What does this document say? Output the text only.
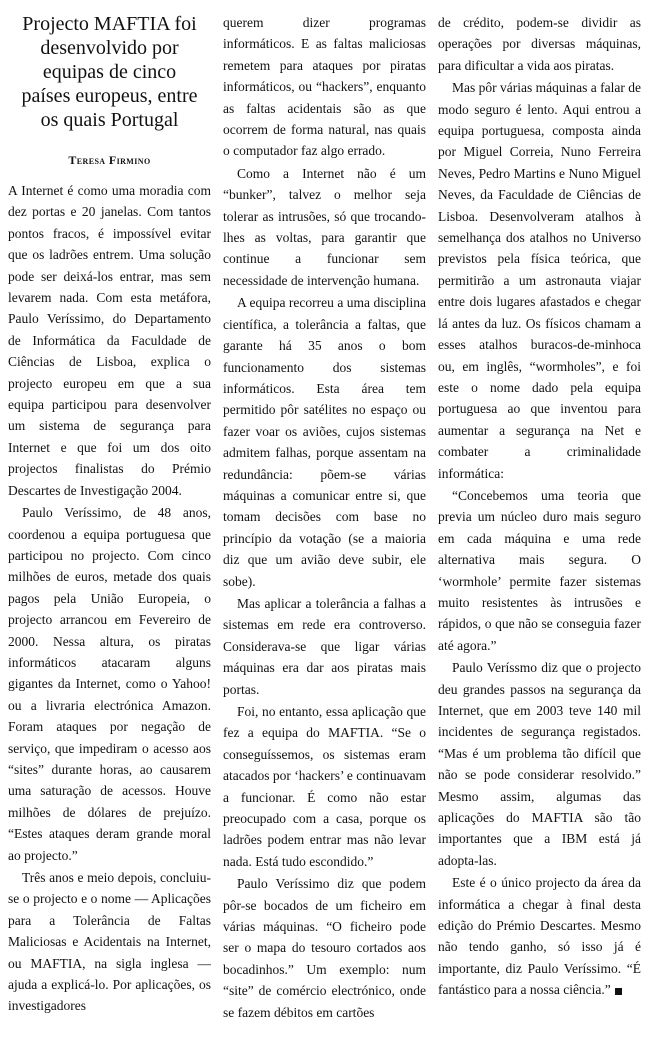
Projecto MAFTIA foi desenvolvido por equipas de cinco países europeus, entre os quais Portugal
Teresa Firmino

A Internet é como uma moradia com dez portas e 20 janelas. Com tantos pontos fracos, é impossível evitar que os ladrões entrem. Uma solução pode ser deixá-los entrar, mas sem levarem nada. Com esta metáfora, Paulo Veríssimo, do Departamento de Informática da Faculdade de Ciências de Lisboa, explica o projecto europeu em que a sua equipa participou para desenvolver um sistema de segurança para Internet e que foi um dos oito projectos finalistas do Prémio Descartes de Investigação 2004.

Paulo Veríssimo, de 48 anos, coordenou a equipa portuguesa que participou no projecto. Com cinco milhões de euros, metade dos quais pagos pela União Europeia, o projecto arrancou em Fevereiro de 2000. Nessa altura, os piratas informáticos atacaram alguns gigantes da Internet, como o Yahoo! ou a livraria electrónica Amazon. Foram ataques por negação de serviço, que impediram o acesso aos “sites” durante horas, ao causarem uma saturação de acessos. Houve milhões de dólares de prejuízo. “Estes ataques deram grande moral ao projecto.”

Três anos e meio depois, concluiu-se o projecto e o nome — Aplicações para a Tolerância de Faltas Maliciosas e Acidentais na Internet, ou MAFTIA, na sigla inglesa — ajuda a explicá-lo. Por aplicações, os investigadores

querem dizer programas informáticos. E as faltas maliciosas remetem para ataques por piratas informáticos, ou “hackers”, enquanto as faltas acidentais são as que ocorrem de forma natural, nas quais o computador faz algo errado.

Como a Internet não é um “bunker”, talvez o melhor seja tolerar as intrusões, só que trocando-lhes as voltas, para garantir que continue a funcionar sem necessidade de intervenção humana.

A equipa recorreu a uma disciplina científica, a tolerância a faltas, que garante há 35 anos o bom funcionamento dos sistemas informáticos. Esta área tem permitido pôr satélites no espaço ou fazer voar os aviões, cujos sistemas admitem falhas, porque assentam na redundância: põem-se várias máquinas a comunicar entre si, que tomam decisões com base no princípio da votação (se a maioria diz que um avião deve subir, ele sobe).

Mas aplicar a tolerância a falhas a sistemas em rede era controverso. Considerava-se que ligar várias máquinas era dar aos piratas mais portas.

Foi, no entanto, essa aplicação que fez a equipa do MAFTIA. “Se o conseguíssemos, os sistemas eram atacados por ‘hackers’ e continuavam a funcionar. É como não estar preocupado com a casa, porque os ladrões podem entrar mas não levar nada. Está tudo escondido.”

Paulo Veríssimo diz que podem pôr-se bocados de um ficheiro em várias máquinas. “O ficheiro pode ser o mapa do tesouro cortados aos bocadinhos.” Um exemplo: num “site” de comércio electrónico, onde se fazem débitos em cartões

de crédito, podem-se dividir as operações por diversas máquinas, para dificultar a vida aos piratas.

Mas pôr várias máquinas a falar de modo seguro é lento. Aqui entrou a equipa portuguesa, composta ainda por Miguel Correia, Nuno Ferreira Neves, Pedro Martins e Nuno Miguel Neves, da Faculdade de Ciências de Lisboa. Desenvolveram atalhos à semelhança dos atalhos no Universo previstos pela física teórica, que permitirão a um astronauta viajar entre dois lugares afastados e chegar lá antes da luz. Os físicos chamam a esses atalhos buracos-de-minhoca ou, em inglês, “wormholes”, e foi este o nome dado pela equipa portuguesa ao que inventou para aumentar a segurança na Net e combater a criminalidade informática:

“Concebemos uma teoria que previa um núcleo duro mais seguro em cada máquina e uma rede alternativa mais segura. O ‘wormhole’ permite fazer sistemas muito resistentes às intrusões e rápidos, o que não se conseguia fazer até agora.”

Paulo Veríssmo diz que o projecto deu grandes passos na segurança da Internet, que em 2003 teve 140 mil incidentes de segurança registados. “Mas é um problema tão difícil que não se pode considerar resolvido.” Mesmo assim, algumas das aplicações do MAFTIA são tão importantes que a IBM está já adopta-las.

Este é o único projecto da área da informática a chegar à final desta edição do Prémio Descartes. Mesmo não tendo ganho, só isso já é importante, diz Paulo Veríssimo. “É fantástico para a nossa ciência.”
